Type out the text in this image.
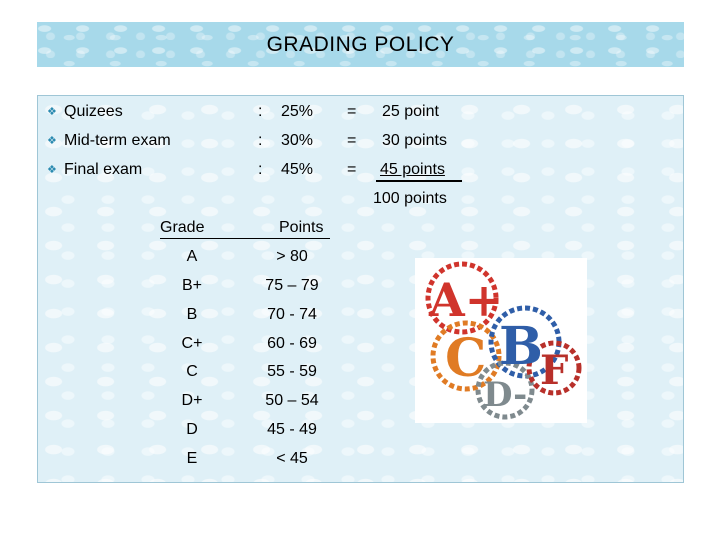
GRADING POLICY
❖ Quizees	: 25% = 25 point
❖ Mid-term exam	: 30% = 30 points
❖ Final exam	: 45% = 45 points
100 points
Grade	Points
A	> 80
B+	75 – 79
B	70 - 74
C+	60 - 69
C	55 - 59
D+	50 – 54
D	45 - 49
E	< 45
A+
C B
D-
F
